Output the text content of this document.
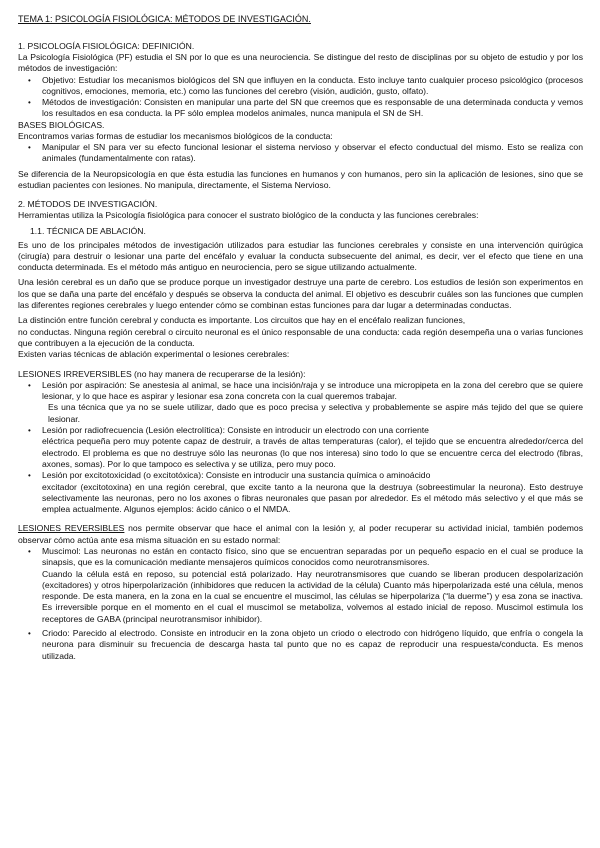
TEMA 1: PSICOLOGÍA FISIOLÓGICA: MÉTODOS DE INVESTIGACIÓN.
1. PSICOLOGÍA FISIOLÓGICA: DEFINICIÓN.

La Psicología Fisiológica (PF) estudia el SN por lo que es una neurociencia. Se distingue del resto de disciplinas por su objeto de estudio y por los métodos de investigación:

• Objetivo: Estudiar los mecanismos biológicos del SN que influyen en la conducta. Esto incluye tanto cualquier proceso psicológico (procesos cognitivos, emociones, memoria, etc.) como las funciones del cerebro (visión, audición, gusto, olfato).
• Métodos de investigación: Consisten en manipular una parte del SN que creemos que es responsable de una determinada conducta y vemos los resultados en esa conducta. la PF sólo emplea modelos animales, nunca manipula el SN de SH.
BASES BIOLÓGICAS.

Encontramos varias formas de estudiar los mecanismos biológicos de la conducta:

• Manipular el SN para ver su efecto funcional lesionar el sistema nervioso y observar el efecto conductual del mismo. Esto se realiza con animales (fundamentalmente con ratas).

Se diferencia de la Neuropsicología en que ésta estudia las funciones en humanos y con humanos, pero sin la aplicación de lesiones, sino que se estudian pacientes con lesiones. No manipula, directamente, el Sistema Nervioso.

2. MÉTODOS DE INVESTIGACIÓN.

Herramientas utiliza la Psicología fisiológica para conocer el sustrato biológico de la conducta y las funciones cerebrales:

1.1. TÉCNICA DE ABLACIÓN.

Es uno de los principales métodos de investigación utilizados para estudiar las funciones cerebrales y consiste en una intervención quirúgica (cirugía) para destruir o lesionar una parte del encéfalo y evaluar la conducta subsecuente del animal, es decir, ver el efecto que tiene en una conducta determinada. Es el método más antiguo en neurociencia, pero se sigue utilizando actualmente.

Una lesión cerebral es un daño que se produce porque un investigador destruye una parte de cerebro. Los estudios de lesión son experimentos en los que se daña una parte del encéfalo y después se observa la conducta del animal. El objetivo es descubrir cuáles son las funciones que cumplen las diferentes regiones cerebrales y luego entender cómo se combinan estas funciones para dar lugar a determinadas conductas.

La distinción entre función cerebral y conducta es importante. Los circuitos que hay en el encéfalo realizan funciones,

no conductas. Ninguna región cerebral o circuito neuronal es el único responsable de una conducta: cada región desempeña una o varias funciones que contribuyen a la ejecución de la conducta.

Existen varias técnicas de ablación experimental o lesiones cerebrales:

LESIONES IRREVERSIBLES (no hay manera de recuperarse de la lesión):

• Lesión por aspiración: Se anestesia al animal, se hace una incisión/raja y se introduce una micropipeta en la zona del cerebro que se quiere lesionar, y lo que hace es aspirar y lesionar esa zona concreta con la cual queremos trabajar.
Es una técnica que ya no se suele utilizar, dado que es poco precisa y selectiva y probablemente se aspire más tejido del que se quiere lesionar.
• Lesión por radiofrecuencia (Lesión electrolítica): Consiste en introducir un electrodo con una corriente
eléctrica pequeña pero muy potente capaz de destruir, a través de altas temperaturas (calor), el tejido que se encuentra alrededor/cerca del electrodo. El problema es que no destruye sólo las neuronas (lo que nos interesa) sino todo lo que se encuentre cerca del electrodo (fibras, axones, somas). Por lo que tampoco es selectiva y se utiliza, pero muy poco.
• Lesión por excitotoxicidad (o excitotóxica): Consiste en introducir una sustancia química o aminoácido
excitador (excitotoxina) en una región cerebral, que excite tanto a la neurona que la destruya (sobreestimular la neurona). Esto destruye selectivamente las neuronas, pero no los axones o fibras neuronales que pasan por alrededor. Es el método más selectivo y el que más se emplea actualmente. Algunos ejemplos: ácido cánico o el NMDA.

LESIONES REVERSIBLES nos permite observar que hace el animal con la lesión y, al poder recuperar su actividad inicial, también podemos observar cómo actúa ante esa misma situación en su estado normal:

• Muscimol: Las neuronas no están en contacto físico, sino que se encuentran separadas por un pequeño espacio en el cual se produce la sinapsis, que es la comunicación mediante mensajeros químicos conocidos como neurotransmisores.
Cuando la célula está en reposo, su potencial está polarizado. Hay neurotransmisores que cuando se liberan producen despolarización (excitadores) y otros hiperpolarización (inhibidores que reducen la actividad de la célula) Cuanto más hiperpolarizada esté una célula, menos responde. De esta manera, en la zona en la cual se encuentre el muscimol, las células se hiperpolariza (“la duerme”) y esa zona se inactiva. Es irreversible porque en el momento en el cual el muscimol se metaboliza, volvemos al estado inicial de reposo. Muscimol estimula los receptores de GABA (principal neurotransmisor inhibidor).
• Criodo: Parecido al electrodo. Consiste en introducir en la zona objeto un criodo o electrodo con hidrógeno líquido, que enfría o congela la neurona para disminuir su frecuencia de descarga hasta tal punto que no es capaz de reproducir una respuesta/conducta. Es menos utilizada.
